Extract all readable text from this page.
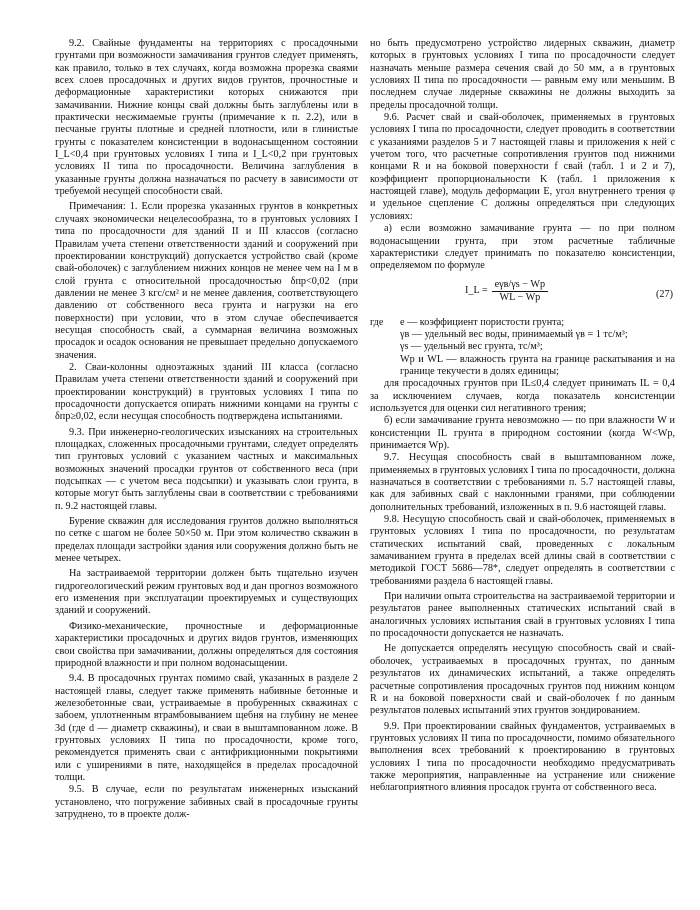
9.2. Свайные фундаменты на территориях с просадочными грунтами при возможности замачивания грунтов следует применять, как правило, только в тех случаях, когда возможна прорезка сваями всех слоев просадочных и других видов грунтов, прочностные и деформационные характеристики которых снижаются при замачивании. Нижние концы свай должны быть заглублены или в практически несжимаемые грунты (примечание к п. 2.2), или в песчаные грунты плотные и средней плотности, или в глинистые грунты с показателем консистенции в водонасыщенном состоянии I_L<0,4 при грунтовых условиях I типа и I_L<0,2 при грунтовых условиях II типа по просадочности. Величина заглубления в указанные грунты должна назначаться по расчету в зависимости от требуемой несущей способности свай.

Примечания: 1. Если прорезка указанных грунтов в конкретных случаях экономически нецелесообразна, то в грунтовых условиях I типа по просадочности для зданий II и III классов (согласно Правилам учета степени ответственности зданий и сооружений при проектировании конструкций) допускается устройство свай (кроме свай-оболочек) с заглублением нижних концов не менее чем на I м в слой грунта с относительной просадочностью δпр<0,02 (при давлении не менее 3 кгс/см² и не менее давления, соответствующего давлению от собственного веса грунта и нагрузки на его поверхности) при условии, что в этом случае обеспечивается несущая способность свай, а суммарная величина возможных просадок и осадок основания не превышает предельно допускаемого значения.

2. Сваи-колонны одноэтажных зданий III класса (согласно Правилам учета степени ответственности зданий и сооружений при проектировании конструкций) в грунтовых условиях I типа по просадочности допускается опирать нижними концами на грунты с δпр≥0,02, если несущая способность подтверждена испытаниями.

9.3. При инженерно-геологических изысканиях на строительных площадках, сложенных просадочными грунтами, следует определять тип грунтовых условий с указанием частных и максимальных возможных значений просадки грунтов от собственного веса (при подсыпках — с учетом веса подсыпки) и указывать слои грунта, в которые могут быть заглублены сваи в соответствии с требованиями п. 9.2 настоящей главы.

Бурение скважин для исследования грунтов должно выполняться по сетке с шагом не более 50×50 м. При этом количество скважин в пределах площади застройки здания или сооружения должно быть не менее четырех.

На застраиваемой территории должен быть тщательно изучен гидрогеологический режим грунтовых вод и дан прогноз возможного его изменения при эксплуатации проектируемых и существующих зданий и сооружений.

Физико-механические, прочностные и деформационные характеристики просадочных и других видов грунтов, изменяющих свои свойства при замачивании, должны определяться для состояния природной влажности и при полном водонасыщении.

9.4. В просадочных грунтах помимо свай, указанных в разделе 2 настоящей главы, следует также применять набивные бетонные и железобетонные сваи, устраиваемые в пробуренных скважинах с забоем, уплотненным втрамбовыванием щебня на глубину не менее 3d (где d — диаметр скважины), и сваи в выштампованном ложе. В грунтовых условиях II типа по просадочности, кроме того, рекомендуется применять сваи с антифрикционными покрытиями или с уширениями в пяте, находящейся в пределах просадочной толщи.

9.5. В случае, если по результатам инженерных изысканий установлено, что погружение забивных свай в просадочные грунты затруднено, то в проекте долж-

но быть предусмотрено устройство лидерных скважин, диаметр которых в грунтовых условиях I типа по просадочности следует назначать меньше размера сечения свай до 50 мм, а в грунтовых условиях II типа по просадочности — равным ему или меньшим. В последнем случае лидерные скважины не должны выходить за пределы просадочной толщи.

9.6. Расчет свай и свай-оболочек, применяемых в грунтовых условиях I типа по просадочности, следует проводить в соответствии с указаниями разделов 5 и 7 настоящей главы и приложения к ней с учетом того, что расчетные сопротивления грунтов под нижними концами R и на боковой поверхности f свай (табл. 1 и 2 и 7), коэффициент пропорциональности K (табл. 1 приложения к настоящей главе), модуль деформации E, угол внутреннего трения φ и удельное сцепление C должны определяться при следующих условиях:

а) если возможно замачивание грунта — по при полном водонасыщении грунта, при этом расчетные табличные характеристики следует принимать по показателю консистенции, определяемом по формуле

I_L = $\frac{\text{eγв/γs − Wp}}{WL - Wp}$	(27)
где	e — коэффициент пористости грунта;

γв — удельный вес воды, принимаемый γв = 1 тс/м³;

γs — удельный вес грунта, тс/м³;

Wp и WL — влажность грунта на границе раскатывания и на границе текучести в долях единицы;

для просадочных грунтов при IL≤0,4 следует принимать IL = 0,4 за исключением случаев, когда показатель консистенции используется для оценки сил негативного трения;

б) если замачивание грунта невозможно — по при влажности W и консистенции IL грунта в природном состоянии (когда W<Wp, принимается Wp).

9.7. Несущая способность свай в выштампованном ложе, применяемых в грунтовых условиях I типа по просадочности, должна назначаться в соответствии с требованиями п. 5.7 настоящей главы, как для забивных свай с наклонными гранями, при соблюдении дополнительных требований, изложенных в п. 9.6 настоящей главы.

9.8. Несущую способность свай и свай-оболочек, применяемых в грунтовых условиях I типа по просадочности, по результатам статических испытаний свай, проведенных с локальным замачиванием грунта в пределах всей длины свай в соответствии с методикой ГОСТ 5686—78*, следует определять в соответствии с требованиями раздела 6 настоящей главы.

При наличии опыта строительства на застраиваемой территории и результатов ранее выполненных статических испытаний свай в аналогичных условиях испытания свай в грунтовых условиях I типа по просадочности допускается не назначать.

Не допускается определять несущую способность свай и свай-оболочек, устраиваемых в просадочных грунтах, по данным результатов их динамических испытаний, а также определять расчетные сопротивления просадочных грунтов под нижним концом R и на боковой поверхности свай и свай-оболочек f по данным результатов полевых испытаний этих грунтов зондированием.

9.9. При проектировании свайных фундаментов, устраиваемых в грунтовых условиях II типа по просадочности, помимо обязательного выполнения всех требований к проектированию в грунтовых условиях I типа по просадочности необходимо предусматривать также мероприятия, направленные на устранение или снижение неблагоприятного влияния просадок грунта от собственного веса.
